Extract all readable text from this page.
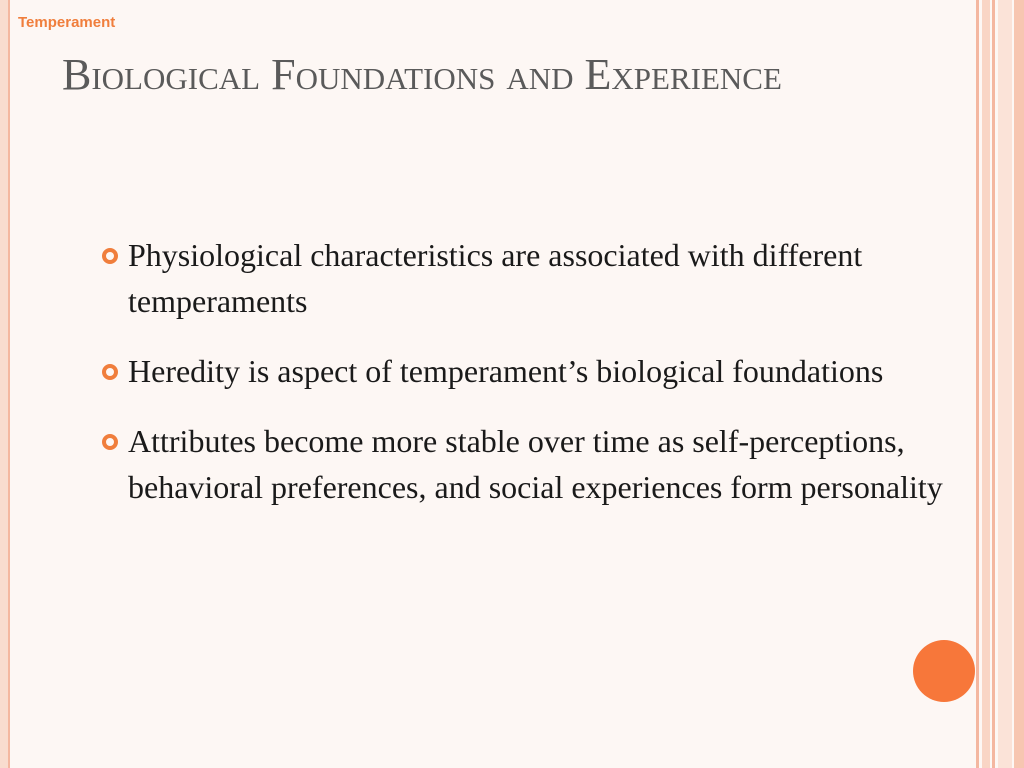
Temperament
Biological Foundations and Experience
Physiological characteristics are associated with different temperaments
Heredity is aspect of temperament’s biological foundations
Attributes become more stable over time as self-perceptions, behavioral preferences, and social experiences form personality
